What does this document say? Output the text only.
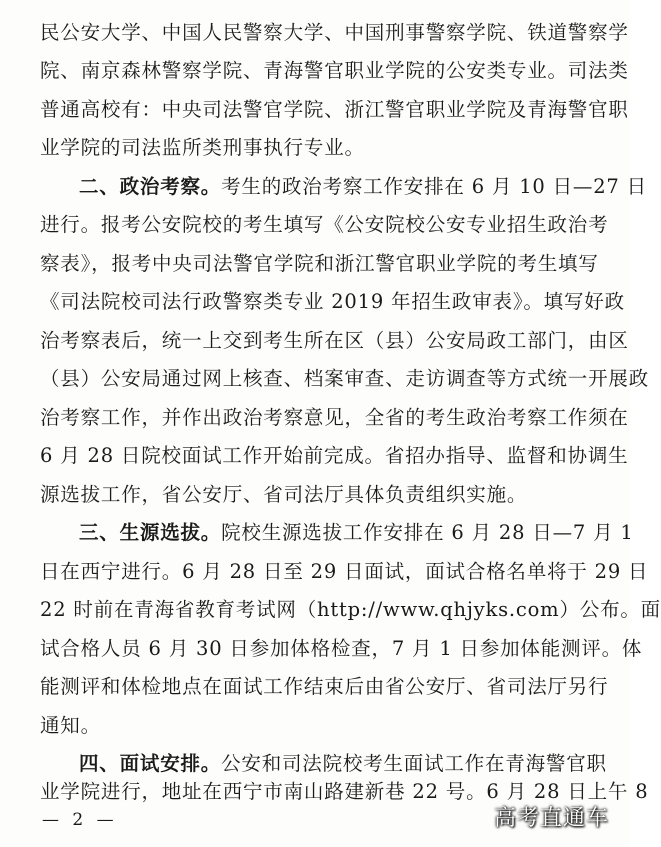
民公安大学、中国人民警察大学、中国刑事警察学院、铁道警察学
院、南京森林警察学院、青海警官职业学院的公安类专业。司法类
普通高校有：中央司法警官学院、浙江警官职业学院及青海警官职
业学院的司法监所类刑事执行专业。
二、政治考察。考生的政治考察工作安排在 6 月 10 日—27 日
进行。报考公安院校的考生填写《公安院校公安专业招生政治考
察表》，报考中央司法警官学院和浙江警官职业学院的考生填写
《司法院校司法行政警察类专业 2019 年招生政审表》。填写好政
治考察表后，统一上交到考生所在区（县）公安局政工部门，由区
（县）公安局通过网上核查、档案审查、走访调查等方式统一开展政
治考察工作，并作出政治考察意见，全省的考生政治考察工作须在
6 月 28 日院校面试工作开始前完成。省招办指导、监督和协调生
源选拔工作，省公安厅、省司法厅具体负责组织实施。
三、生源选拔。院校生源选拔工作安排在 6 月 28 日—7 月 1
日在西宁进行。6 月 28 日至 29 日面试，面试合格名单将于 29 日
22 时前在青海省教育考试网（http://www.qhjyks.com）公布。面
试合格人员 6 月 30 日参加体格检查，7 月 1 日参加体能测评。体
能测评和体检地点在面试工作结束后由省公安厅、省司法厅另行
通知。
四、面试安排。公安和司法院校考生面试工作在青海警官职
业学院进行，地址在西宁市南山路建新巷 22 号。6 月 28 日上午 8
— 2 —	高考直通车
